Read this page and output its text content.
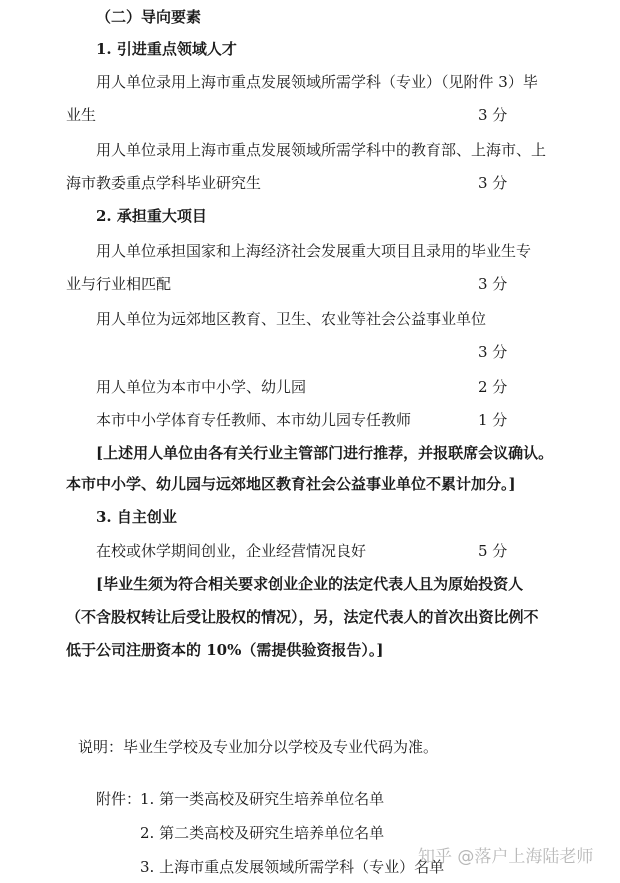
（二）导向要素
1. 引进重点领域人才
用人单位录用上海市重点发展领域所需学科（专业）（见附件 3）毕
业生	3 分
用人单位录用上海市重点发展领域所需学科中的教育部、上海市、上
海市教委重点学科毕业研究生	3 分
2. 承担重大项目
用人单位承担国家和上海经济社会发展重大项目且录用的毕业生专
业与行业相匹配	3 分
用人单位为远郊地区教育、卫生、农业等社会公益事业单位
3 分
用人单位为本市中小学、幼儿园	2 分
本市中小学体育专任教师、本市幼儿园专任教师	1 分
[上述用人单位由各有关行业主管部门进行推荐，并报联席会议确认。
本市中小学、幼儿园与远郊地区教育社会公益事业单位不累计加分。]
3. 自主创业
在校或休学期间创业，企业经营情况良好	5 分
[毕业生须为符合相关要求创业企业的法定代表人且为原始投资人
（不含股权转让后受让股权的情况），另，法定代表人的首次出资比例不
低于公司注册资本的 10%（需提供验资报告）。]
说明：毕业生学校及专业加分以学校及专业代码为准。
附件：
1. 第一类高校及研究生培养单位名单
2. 第二类高校及研究生培养单位名单
3. 上海市重点发展领域所需学科（专业）名单
知乎 @落户上海陆老师
